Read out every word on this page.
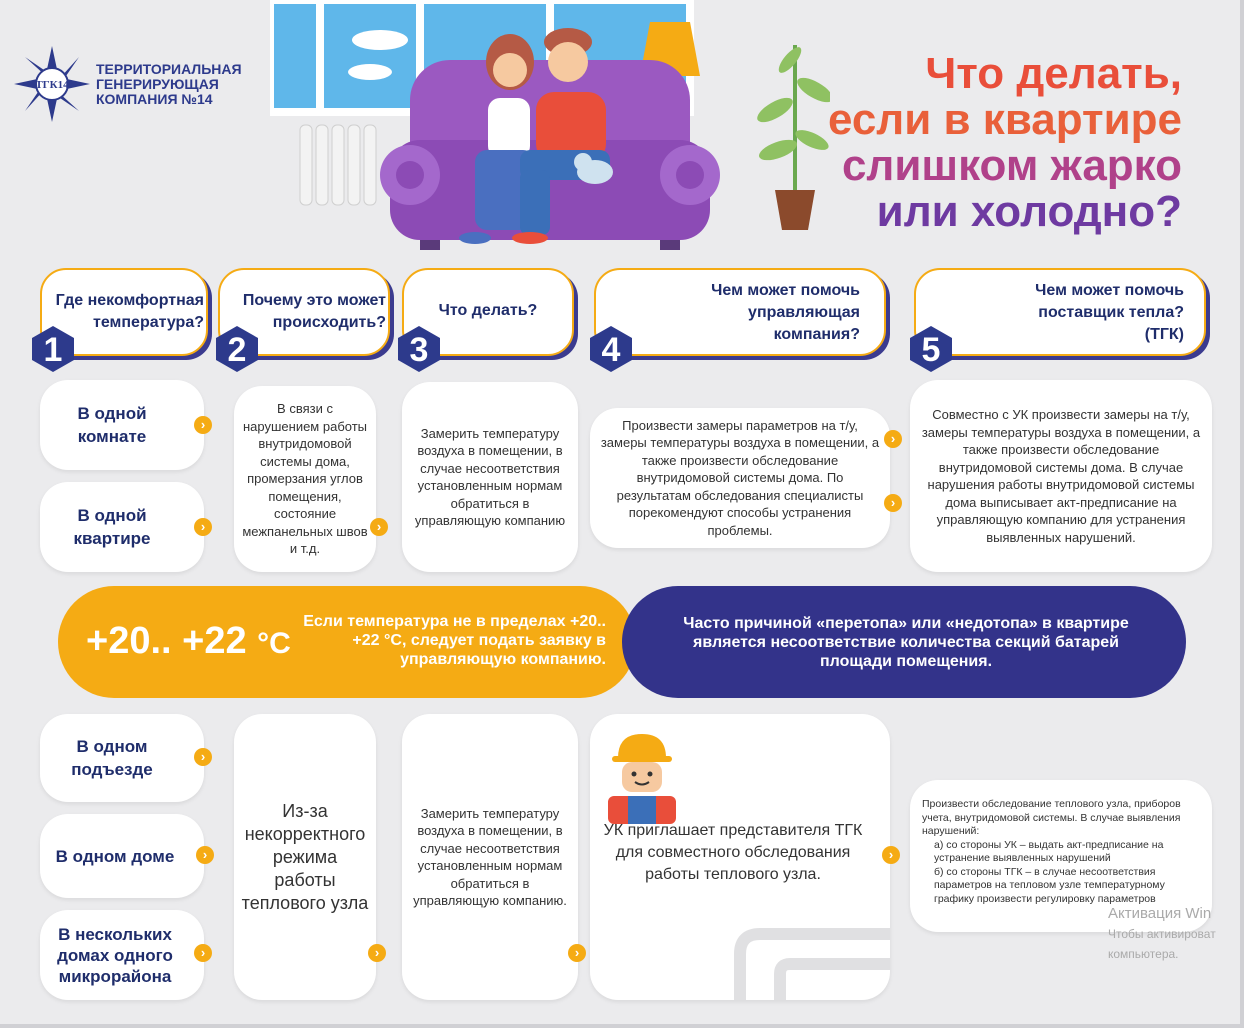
ТГК14
ТЕРРИТОРИАЛЬНАЯ
ГЕНЕРИРУЮЩАЯ
КОМПАНИЯ №14
Что делать,
если в квартире
слишком жарко
или холодно?
Где некомфортная температура?
1
Почему это может происходить?
2
Что делать?
3
Чем может помочь управляющая компания?
4
Чем может помочь поставщик тепла? (ТГК)
5
В одной комнате
›
В одной квартире
›
В связи с нарушением работы внутридомовой системы дома, промерзания углов помещения, состояние межпанельных швов и т.д.
›
Замерить температуру воздуха в помещении, в случае несоответствия установленным нормам обратиться в управляющую компанию
Произвести замеры параметров на т/у, замеры температуры воздуха в помещении, а также произвести обследование внутридомовой системы дома. По результатам обследования специалисты порекомендуют способы устранения проблемы.
›
›
Совместно с УК произвести замеры на т/у, замеры температуры воздуха в помещении, а также произвести обследование внутридомовой системы дома. В случае нарушения работы внутридомовой системы дома выписывает акт-предписание на управляющую компанию для устранения выявленных нарушений.
+20.. +22 °C
Если температура не в пределах +20.. +22 °C, следует подать заявку в управляющую компанию.
Часто причиной «перетопа» или «недотопа» в квартире является несоответствие количества секций батарей площади помещения.
В одном подъезде
›
В одном доме	›
В нескольких домах одного микрорайона
›
Из-за некорректного режима работы теплового узла
›
Замерить температуру воздуха в помещении, в случае несоответствия установленным нормам обратиться в управляющую компанию.
›
УК приглашает представителя ТГК для совместного обследования работы теплового узла.
›
Произвести обследование теплового узла, приборов учета, внутридомовой системы. В случае выявления нарушений:
а) со стороны УК – выдать акт-предписание на устранение выявленных нарушений
б) со стороны ТГК – в случае несоответствия параметров на тепловом узле температурному графику произвести регулировку параметров
Активация Win
Чтобы активироват
компьютера.
